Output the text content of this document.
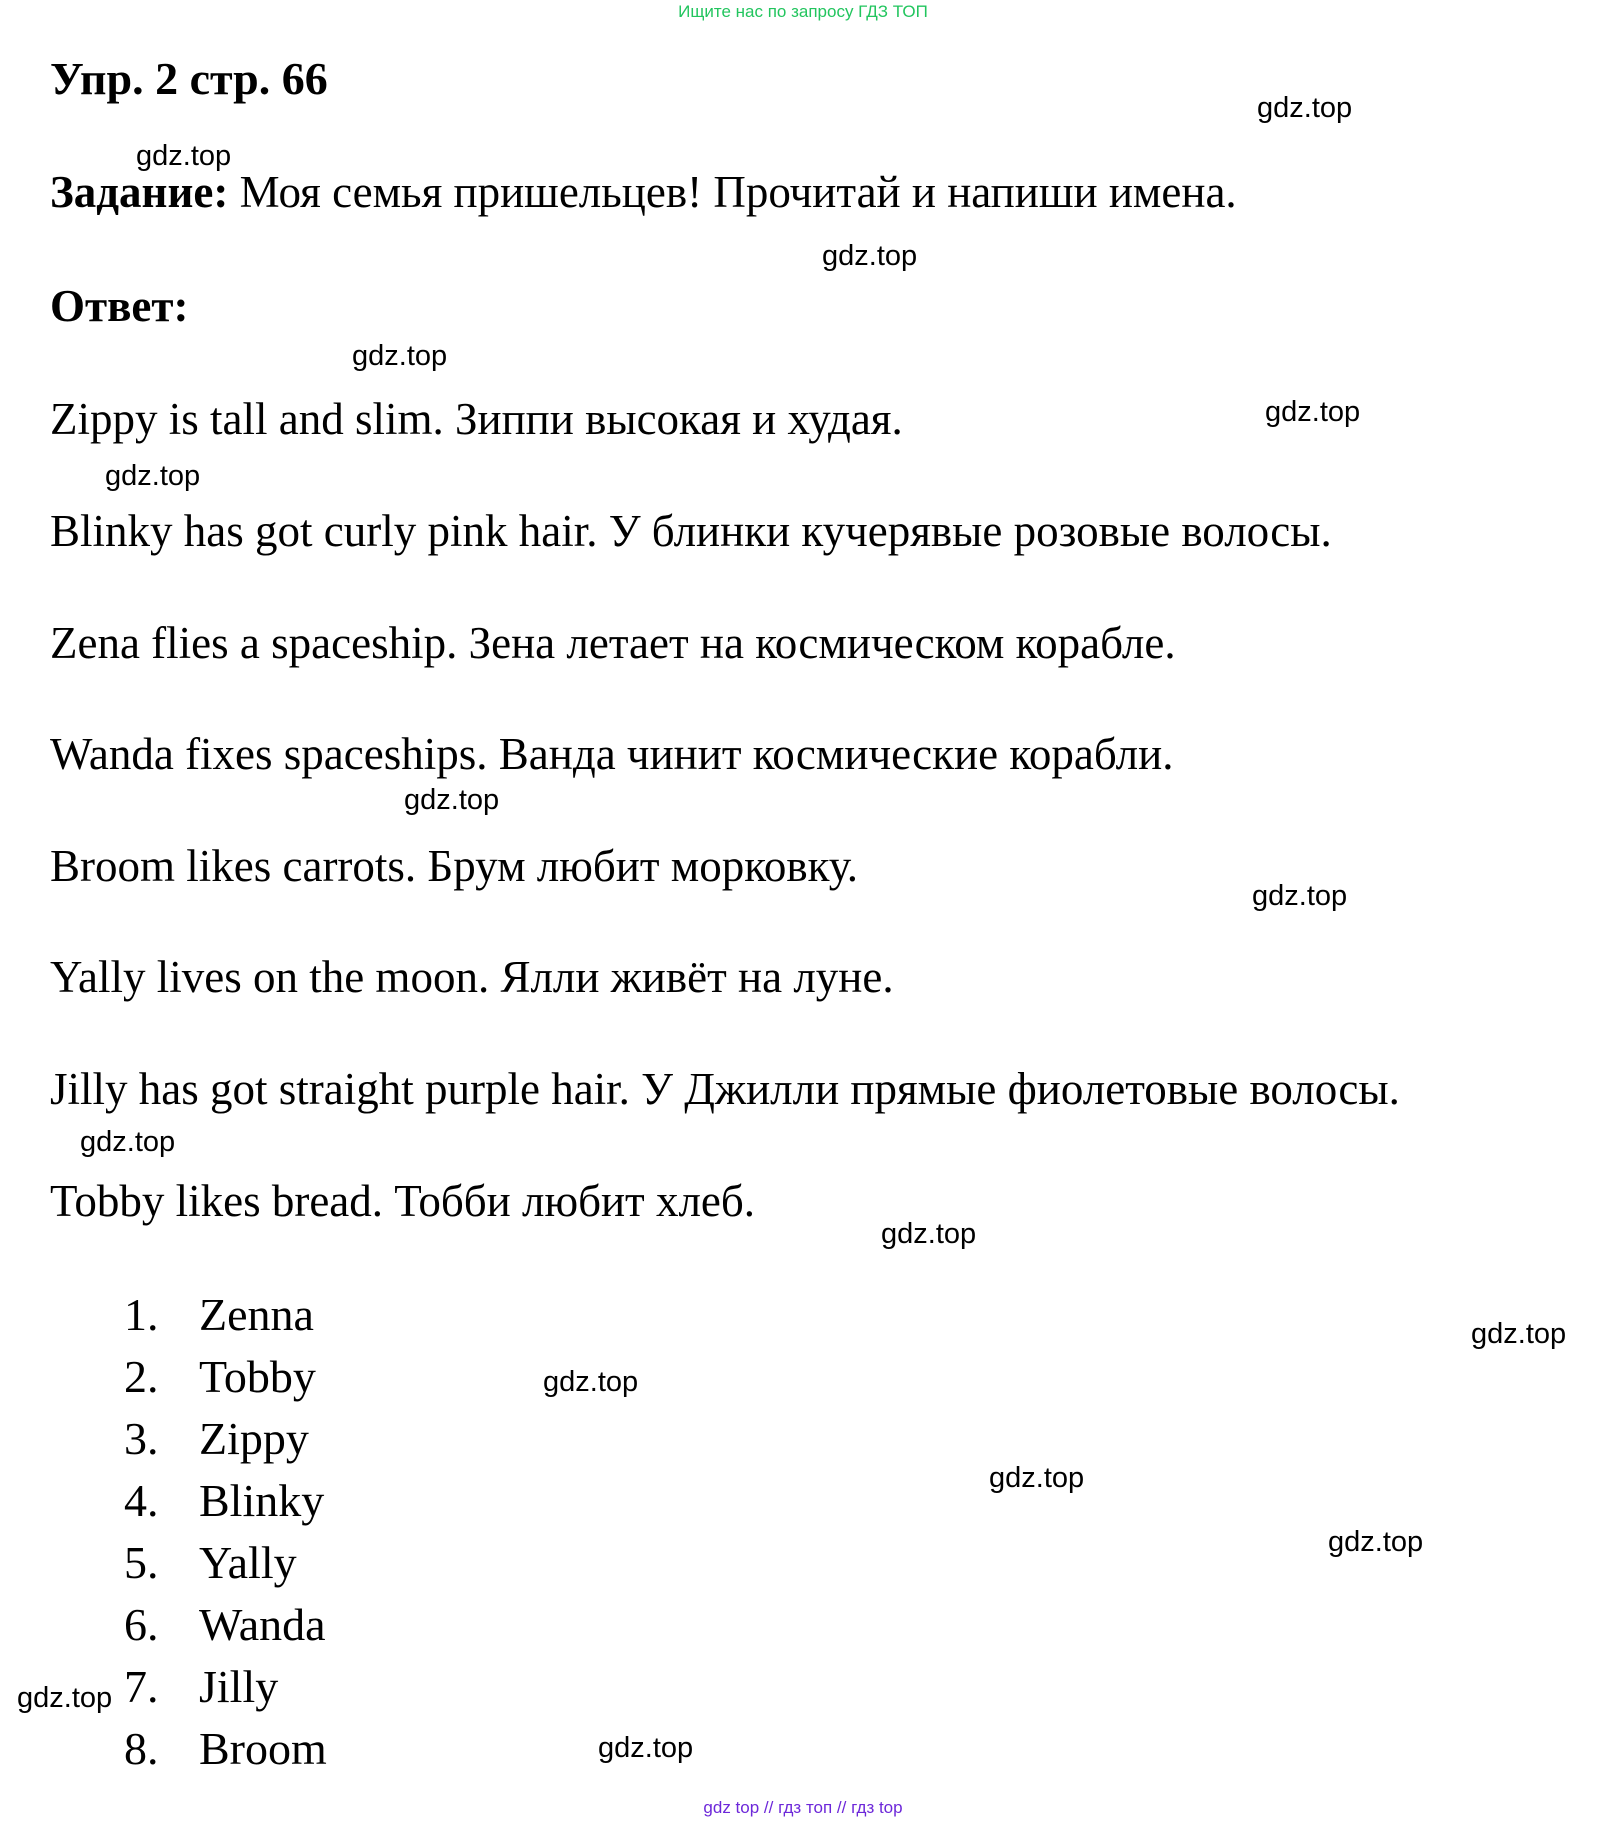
Ищите нас по запросу ГДЗ ТОП
Упр. 2 стр. 66
Задание: Моя семья пришельцев! Прочитай и напиши имена.
Ответ:
Zippy is tall and slim. Зиппи высокая и худая.
Blinky has got curly pink hair. У блинки кучерявые розовые волосы.
Zena flies a spaceship. Зена летает на космическом корабле.
Wanda fixes spaceships. Ванда чинит космические корабли.
Broom likes carrots. Брум любит морковку.
Yally lives on the moon. Ялли живёт на луне.
Jilly has got straight purple hair. У Джилли прямые фиолетовые волосы.
Tobby likes bread. Тобби любит хлеб.
1. Zenna
2. Tobby
3. Zippy
4. Blinky
5. Yally
6. Wanda
7. Jilly
8. Broom
gdz.top
gdz.top
gdz.top
gdz.top
gdz.top
gdz.top
gdz.top
gdz.top
gdz.top
gdz.top
gdz.top
gdz.top
gdz.top
gdz.top
gdz.top
gdz.top
gdz top // гдз топ // гдз top
